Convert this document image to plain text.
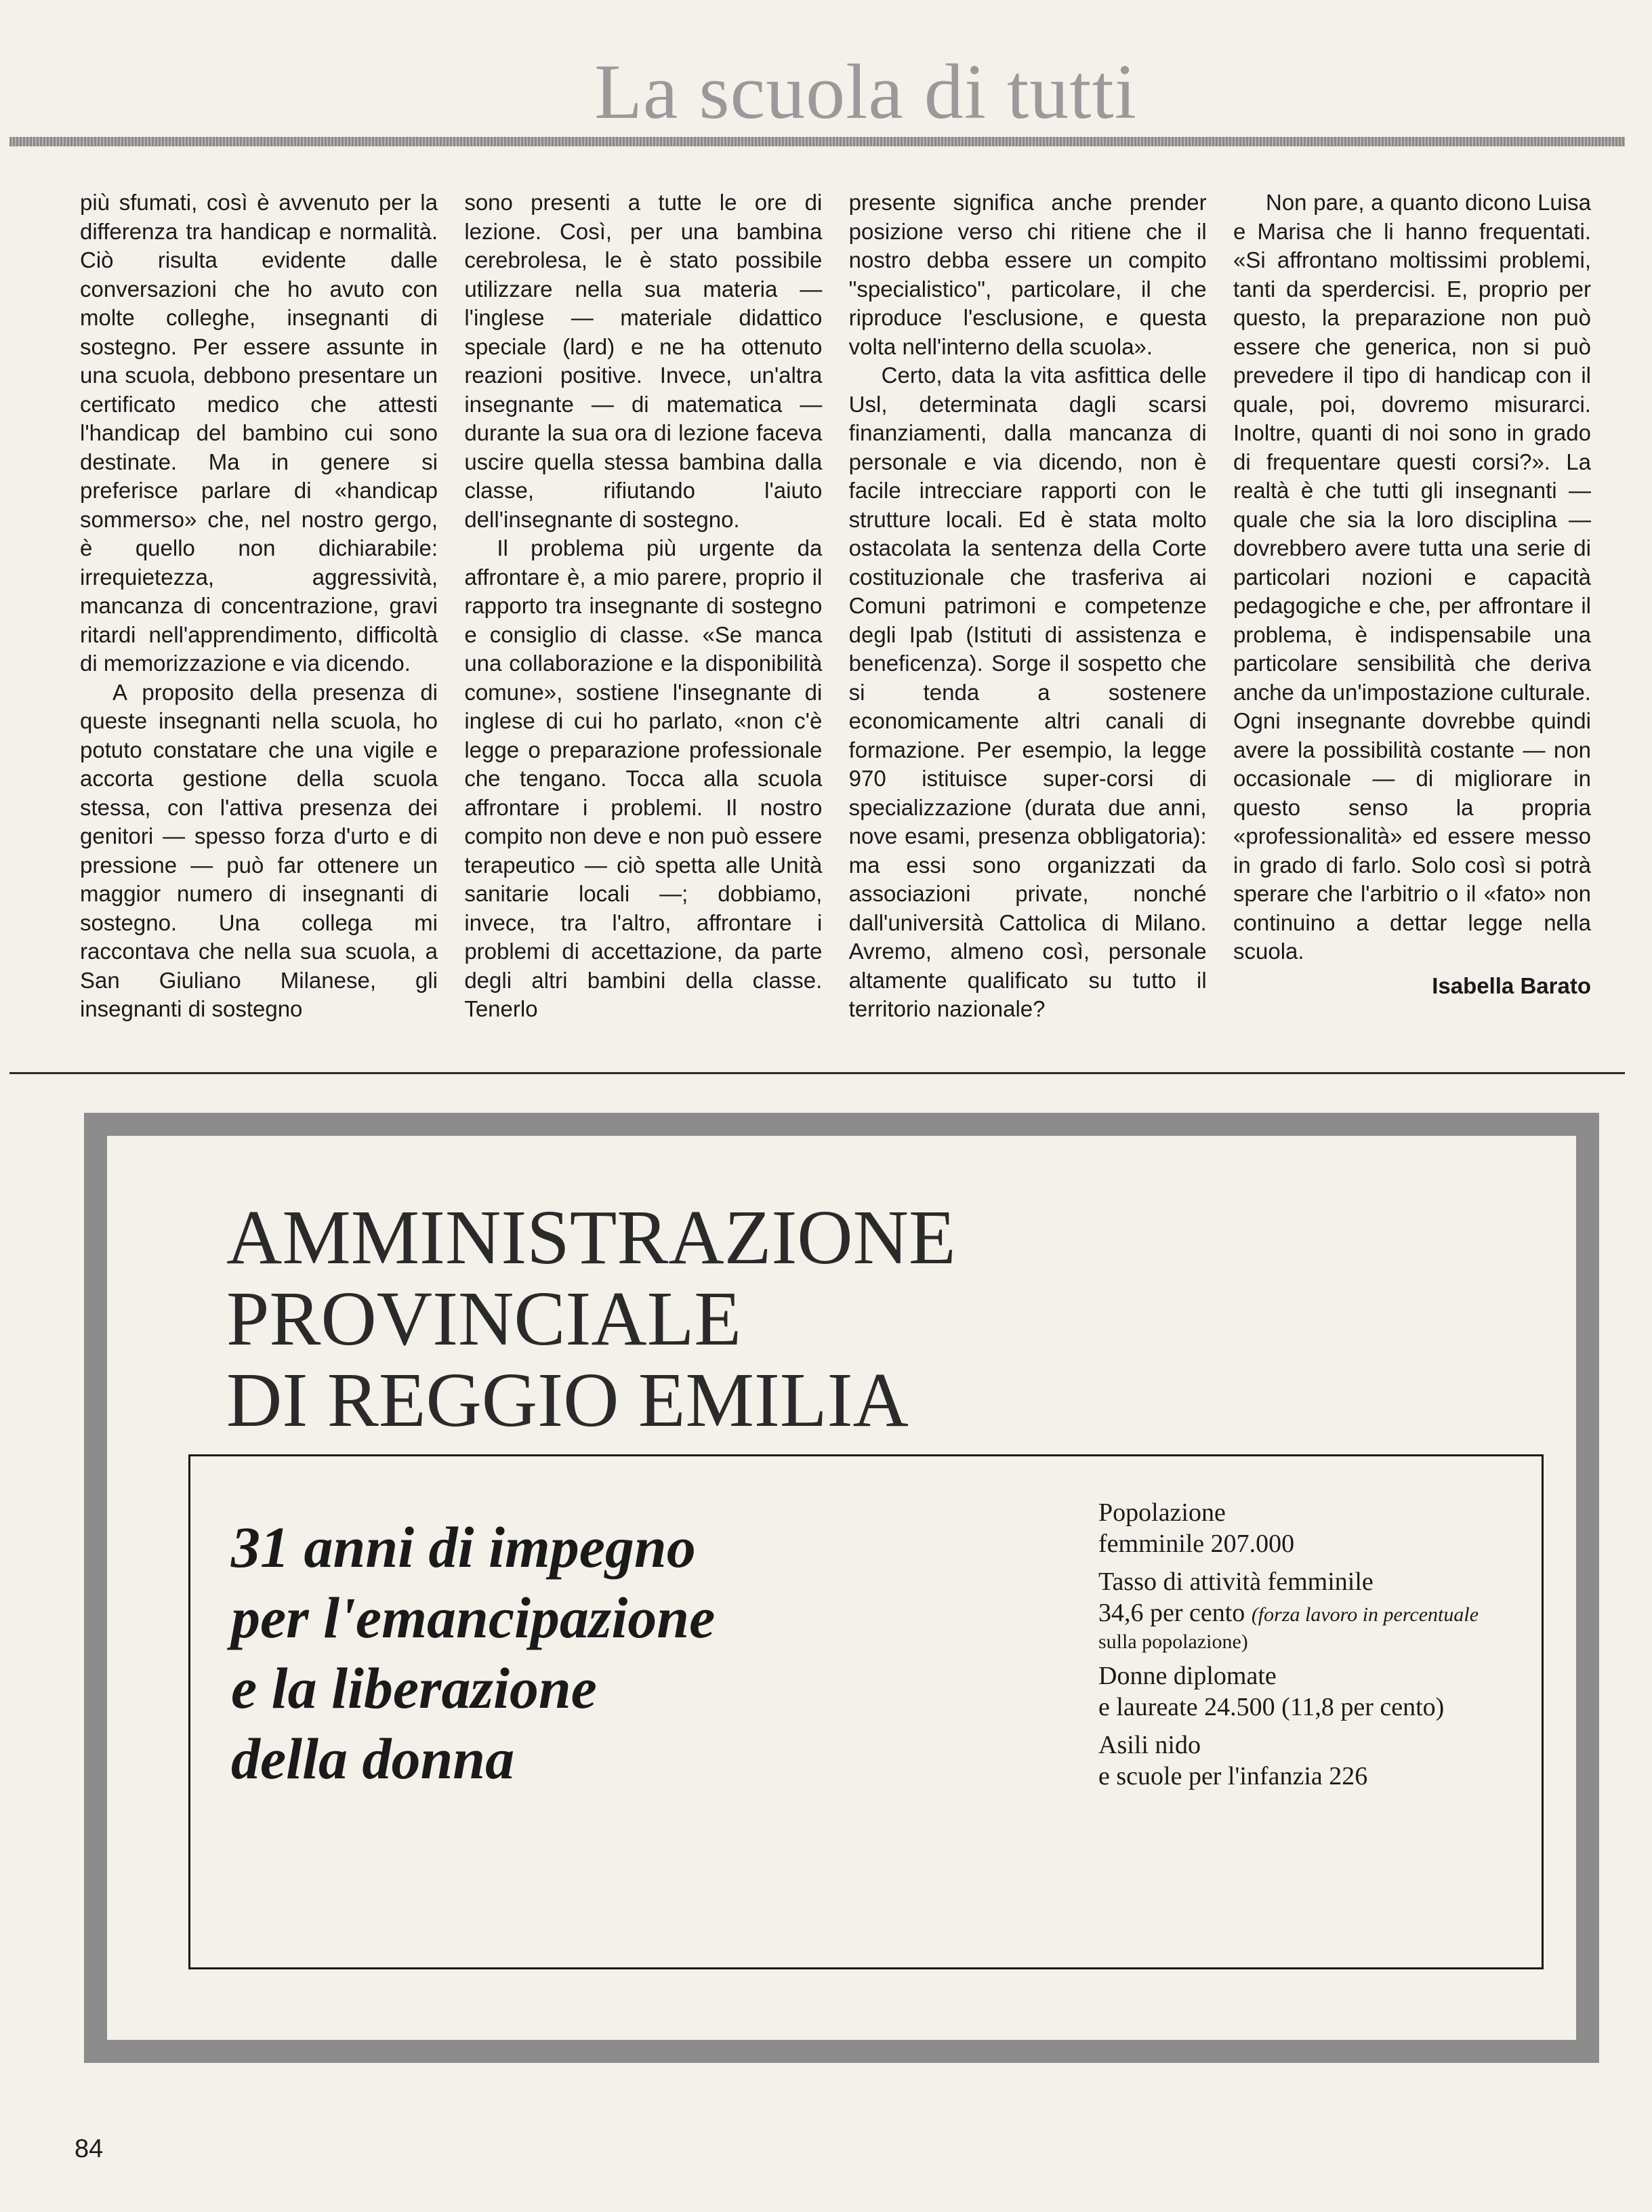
La scuola di tutti

più sfumati, così è avvenuto per la differenza tra handicap e normalità. Ciò risulta evidente dalle conversazioni che ho avuto con molte colleghe, insegnanti di sostegno. Per essere assunte in una scuola, debbono presentare un certificato medico che attesti l'handicap del bambino cui sono destinate. Ma in genere si preferisce parlare di «handicap sommerso» che, nel nostro gergo, è quello non dichiarabile: irrequietezza, aggressività, mancanza di concentrazione, gravi ritardi nell'apprendimento, difficoltà di memorizzazione e via dicendo.

A proposito della presenza di queste insegnanti nella scuola, ho potuto constatare che una vigile e accorta gestione della scuola stessa, con l'attiva presenza dei genitori — spesso forza d'urto e di pressione — può far ottenere un maggior numero di insegnanti di sostegno. Una collega mi raccontava che nella sua scuola, a San Giuliano Milanese, gli insegnanti di sostegno

sono presenti a tutte le ore di lezione. Così, per una bambina cerebrolesa, le è stato possibile utilizzare nella sua materia — l'inglese — materiale didattico speciale (lard) e ne ha ottenuto reazioni positive. Invece, un'altra insegnante — di matematica — durante la sua ora di lezione faceva uscire quella stessa bambina dalla classe, rifiutando l'aiuto dell'insegnante di sostegno.

Il problema più urgente da affrontare è, a mio parere, proprio il rapporto tra insegnante di sostegno e consiglio di classe. «Se manca una collaborazione e la disponibilità comune», sostiene l'insegnante di inglese di cui ho parlato, «non c'è legge o preparazione professionale che tengano. Tocca alla scuola affrontare i problemi. Il nostro compito non deve e non può essere terapeutico — ciò spetta alle Unità sanitarie locali —; dobbiamo, invece, tra l'altro, affrontare i problemi di accettazione, da parte degli altri bambini della classe. Tenerlo

presente significa anche prender posizione verso chi ritiene che il nostro debba essere un compito "specialistico", particolare, il che riproduce l'esclusione, e questa volta nell'interno della scuola».

Certo, data la vita asfittica delle Usl, determinata dagli scarsi finanziamenti, dalla mancanza di personale e via dicendo, non è facile intrecciare rapporti con le strutture locali. Ed è stata molto ostacolata la sentenza della Corte costituzionale che trasferiva ai Comuni patrimoni e competenze degli Ipab (Istituti di assistenza e beneficenza). Sorge il sospetto che si tenda a sostenere economicamente altri canali di formazione. Per esempio, la legge 970 istituisce super-corsi di specializzazione (durata due anni, nove esami, presenza obbligatoria): ma essi sono organizzati da associazioni private, nonché dall'università Cattolica di Milano. Avremo, almeno così, personale altamente qualificato su tutto il territorio nazionale?

Non pare, a quanto dicono Luisa e Marisa che li hanno frequentati. «Si affrontano moltissimi problemi, tanti da sperdercisi. E, proprio per questo, la preparazione non può essere che generica, non si può prevedere il tipo di handicap con il quale, poi, dovremo misurarci. Inoltre, quanti di noi sono in grado di frequentare questi corsi?». La realtà è che tutti gli insegnanti — quale che sia la loro disciplina — dovrebbero avere tutta una serie di particolari nozioni e capacità pedagogiche e che, per affrontare il problema, è indispensabile una particolare sensibilità che deriva anche da un'impostazione culturale. Ogni insegnante dovrebbe quindi avere la possibilità costante — non occasionale — di migliorare in questo senso la propria «professionalità» ed essere messo in grado di farlo. Solo così si potrà sperare che l'arbitrio o il «fato» non continuino a dettar legge nella scuola.

Isabella Barato
AMMINISTRAZIONE
PROVINCIALE
DI REGGIO EMILIA

31 anni di impegno
per l'emancipazione
e la liberazione
della donna

Popolazione
femminile 207.000
Tasso di attività femminile
34,6 per cento (forza lavoro in percentuale
sulla popolazione)
Donne diplomate
e laureate 24.500 (11,8 per cento)
Asili nido
e scuole per l'infanzia 226
84
